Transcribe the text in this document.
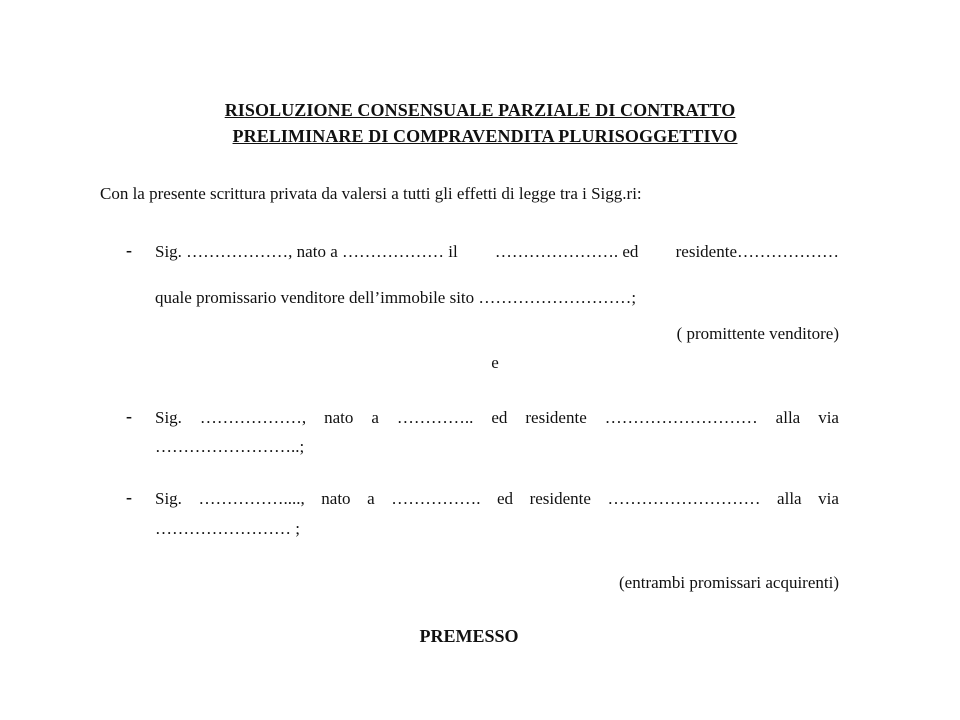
RISOLUZIONE CONSENSUALE PARZIALE DI CONTRATTO
PRELIMINARE DI COMPRAVENDITA PLURISOGGETTIVO
Con la presente scrittura privata da valersi a tutti gli effetti di legge tra i Sigg.ri:
- Sig. ………………, nato a ……………… il …………………. ed residente………………
quale promissario venditore dell’immobile sito ………………………;
( promittente venditore)
e
- Sig. ………………, nato a ………….. ed residente ……………………… alla via
……………………..;
- Sig. ……………...., nato a ……………. ed residente ……………………… alla via
…………………… ;
(entrambi promissari acquirenti)
PREMESSO
